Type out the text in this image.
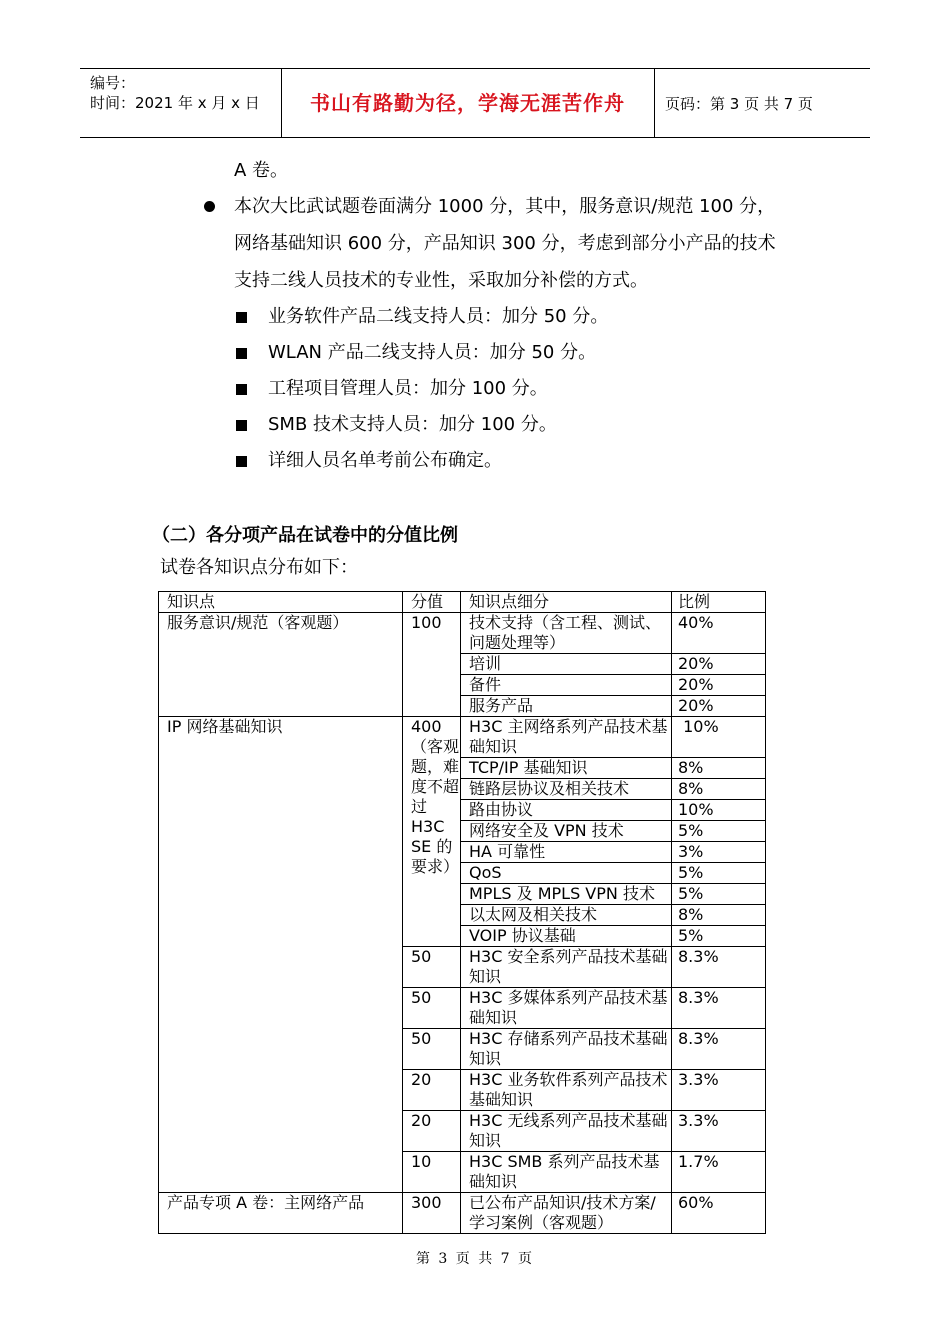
编号：
时间：2021 年 x 月 x 日	书山有路勤为径，学海无涯苦作舟	页码：第 3 页 共 7 页
A 卷。
本次大比武试题卷面满分 1000 分，其中，服务意识/规范 100 分，
网络基础知识 600 分，产品知识 300 分，考虑到部分小产品的技术
支持二线人员技术的专业性，采取加分补偿的方式。
业务软件产品二线支持人员：加分 50 分。
WLAN 产品二线支持人员：加分 50 分。
工程项目管理人员：加分 100 分。
SMB 技术支持人员：加分 100 分。
详细人员名单考前公布确定。
（二）各分项产品在试卷中的分值比例
试卷各知识点分布如下：
知识点	分值	知识点细分	比例
服务意识/规范（客观题）	100	技术支持（含工程、测试、问题处理等）	40%
		培训	20%
		备件	20%
		服务产品	20%
IP 网络基础知识	400（客观题，难度不超过 H3C SE 的要求）	H3C 主网络系列产品技术基础知识	10%
		TCP/IP 基础知识	8%
		链路层协议及相关技术	8%
		路由协议	10%
		网络安全及 VPN 技术	5%
		HA 可靠性	3%
		QoS	5%
		MPLS 及 MPLS VPN 技术	5%
		以太网及相关技术	8%
		VOIP 协议基础	5%
	50	H3C 安全系列产品技术基础知识	8.3%
	50	H3C 多媒体系列产品技术基础知识	8.3%
	50	H3C 存储系列产品技术基础知识	8.3%
	20	H3C 业务软件系列产品技术基础知识	3.3%
	20	H3C 无线系列产品技术基础知识	3.3%
	10	H3C SMB 系列产品技术基础知识	1.7%
产品专项 A 卷：主网络产品	300	已公布产品知识/技术方案/学习案例（客观题）	60%
第 3 页 共 7 页
